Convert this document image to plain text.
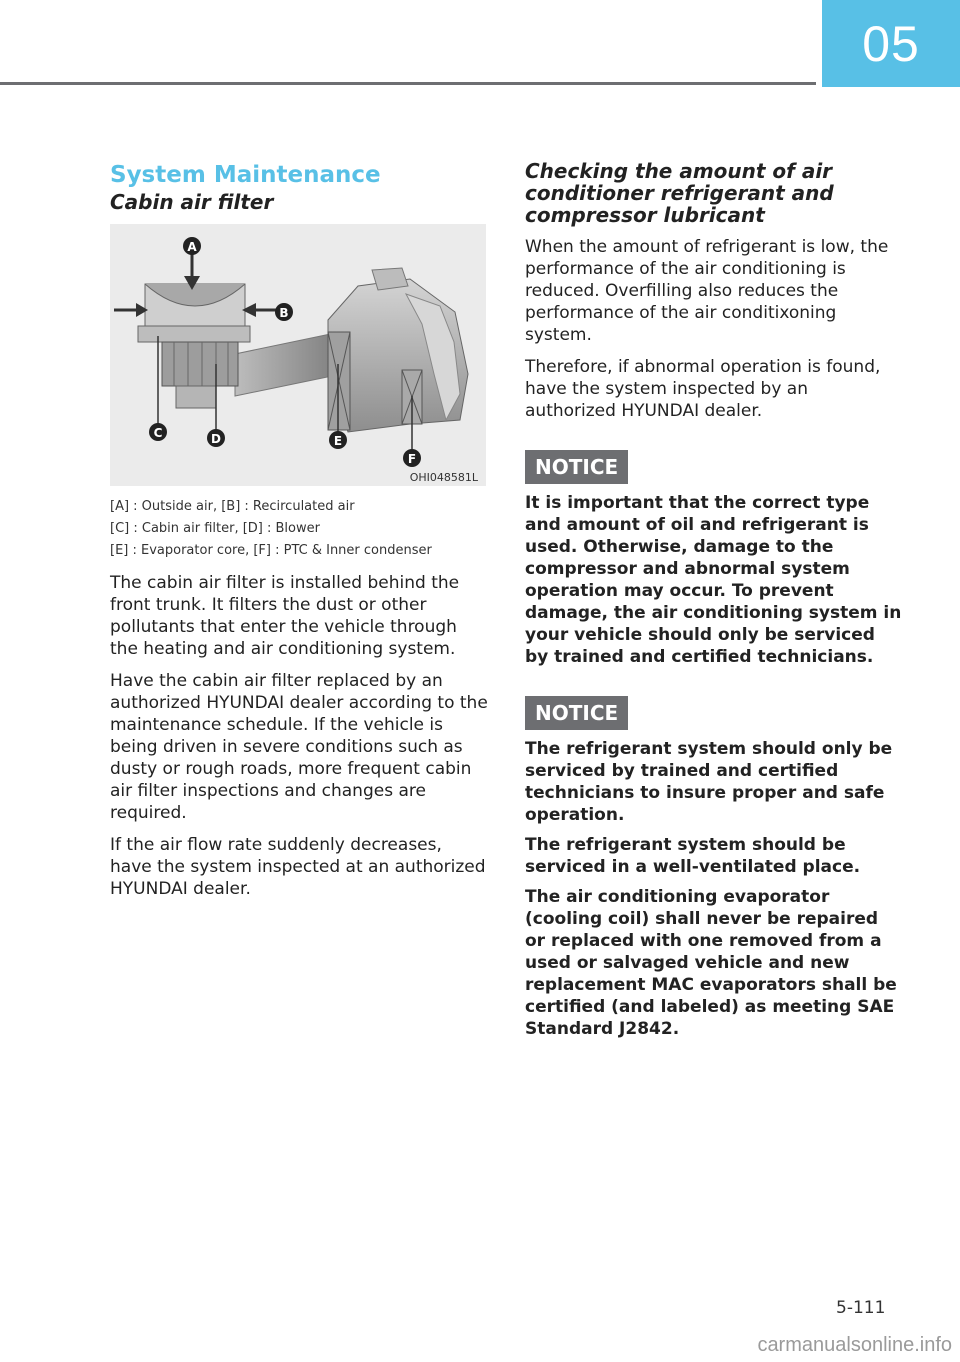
05
System Maintenance
Cabin air filter
A
B
C	D	E
F
OHI048581L

[A] : Outside air, [B] : Recirculated air

[C] : Cabin air filter, [D] : Blower

[E] : Evaporator core, [F] : PTC & Inner condenser

The cabin air filter is installed behind the front trunk. It filters the dust or other pollutants that enter the vehicle through the heating and air conditioning system.

Have the cabin air filter replaced by an authorized HYUNDAI dealer according to the maintenance schedule. If the vehicle is being driven in severe conditions such as dusty or rough roads, more frequent cabin air filter inspections and changes are required.

If the air flow rate suddenly decreases, have the system inspected at an authorized HYUNDAI dealer.

Checking the amount of air conditioner refrigerant and compressor lubricant

When the amount of refrigerant is low, the performance of the air conditioning is reduced. Overfilling also reduces the performance of the air conditixoning system.

Therefore, if abnormal operation is found, have the system inspected by an authorized HYUNDAI dealer.

NOTICE

It is important that the correct type and amount of oil and refrigerant is used. Otherwise, damage to the compressor and abnormal system operation may occur. To prevent damage, the air conditioning system in your vehicle should only be serviced by trained and certified technicians.

NOTICE

The refrigerant system should only be serviced by trained and certified technicians to insure proper and safe operation.

The refrigerant system should be serviced in a well-ventilated place.

The air conditioning evaporator (cooling coil) shall never be repaired or replaced with one removed from a used or salvaged vehicle and new replacement MAC evaporators shall be certified (and labeled) as meeting SAE Standard J2842.

5-111
carmanualsonline.info
